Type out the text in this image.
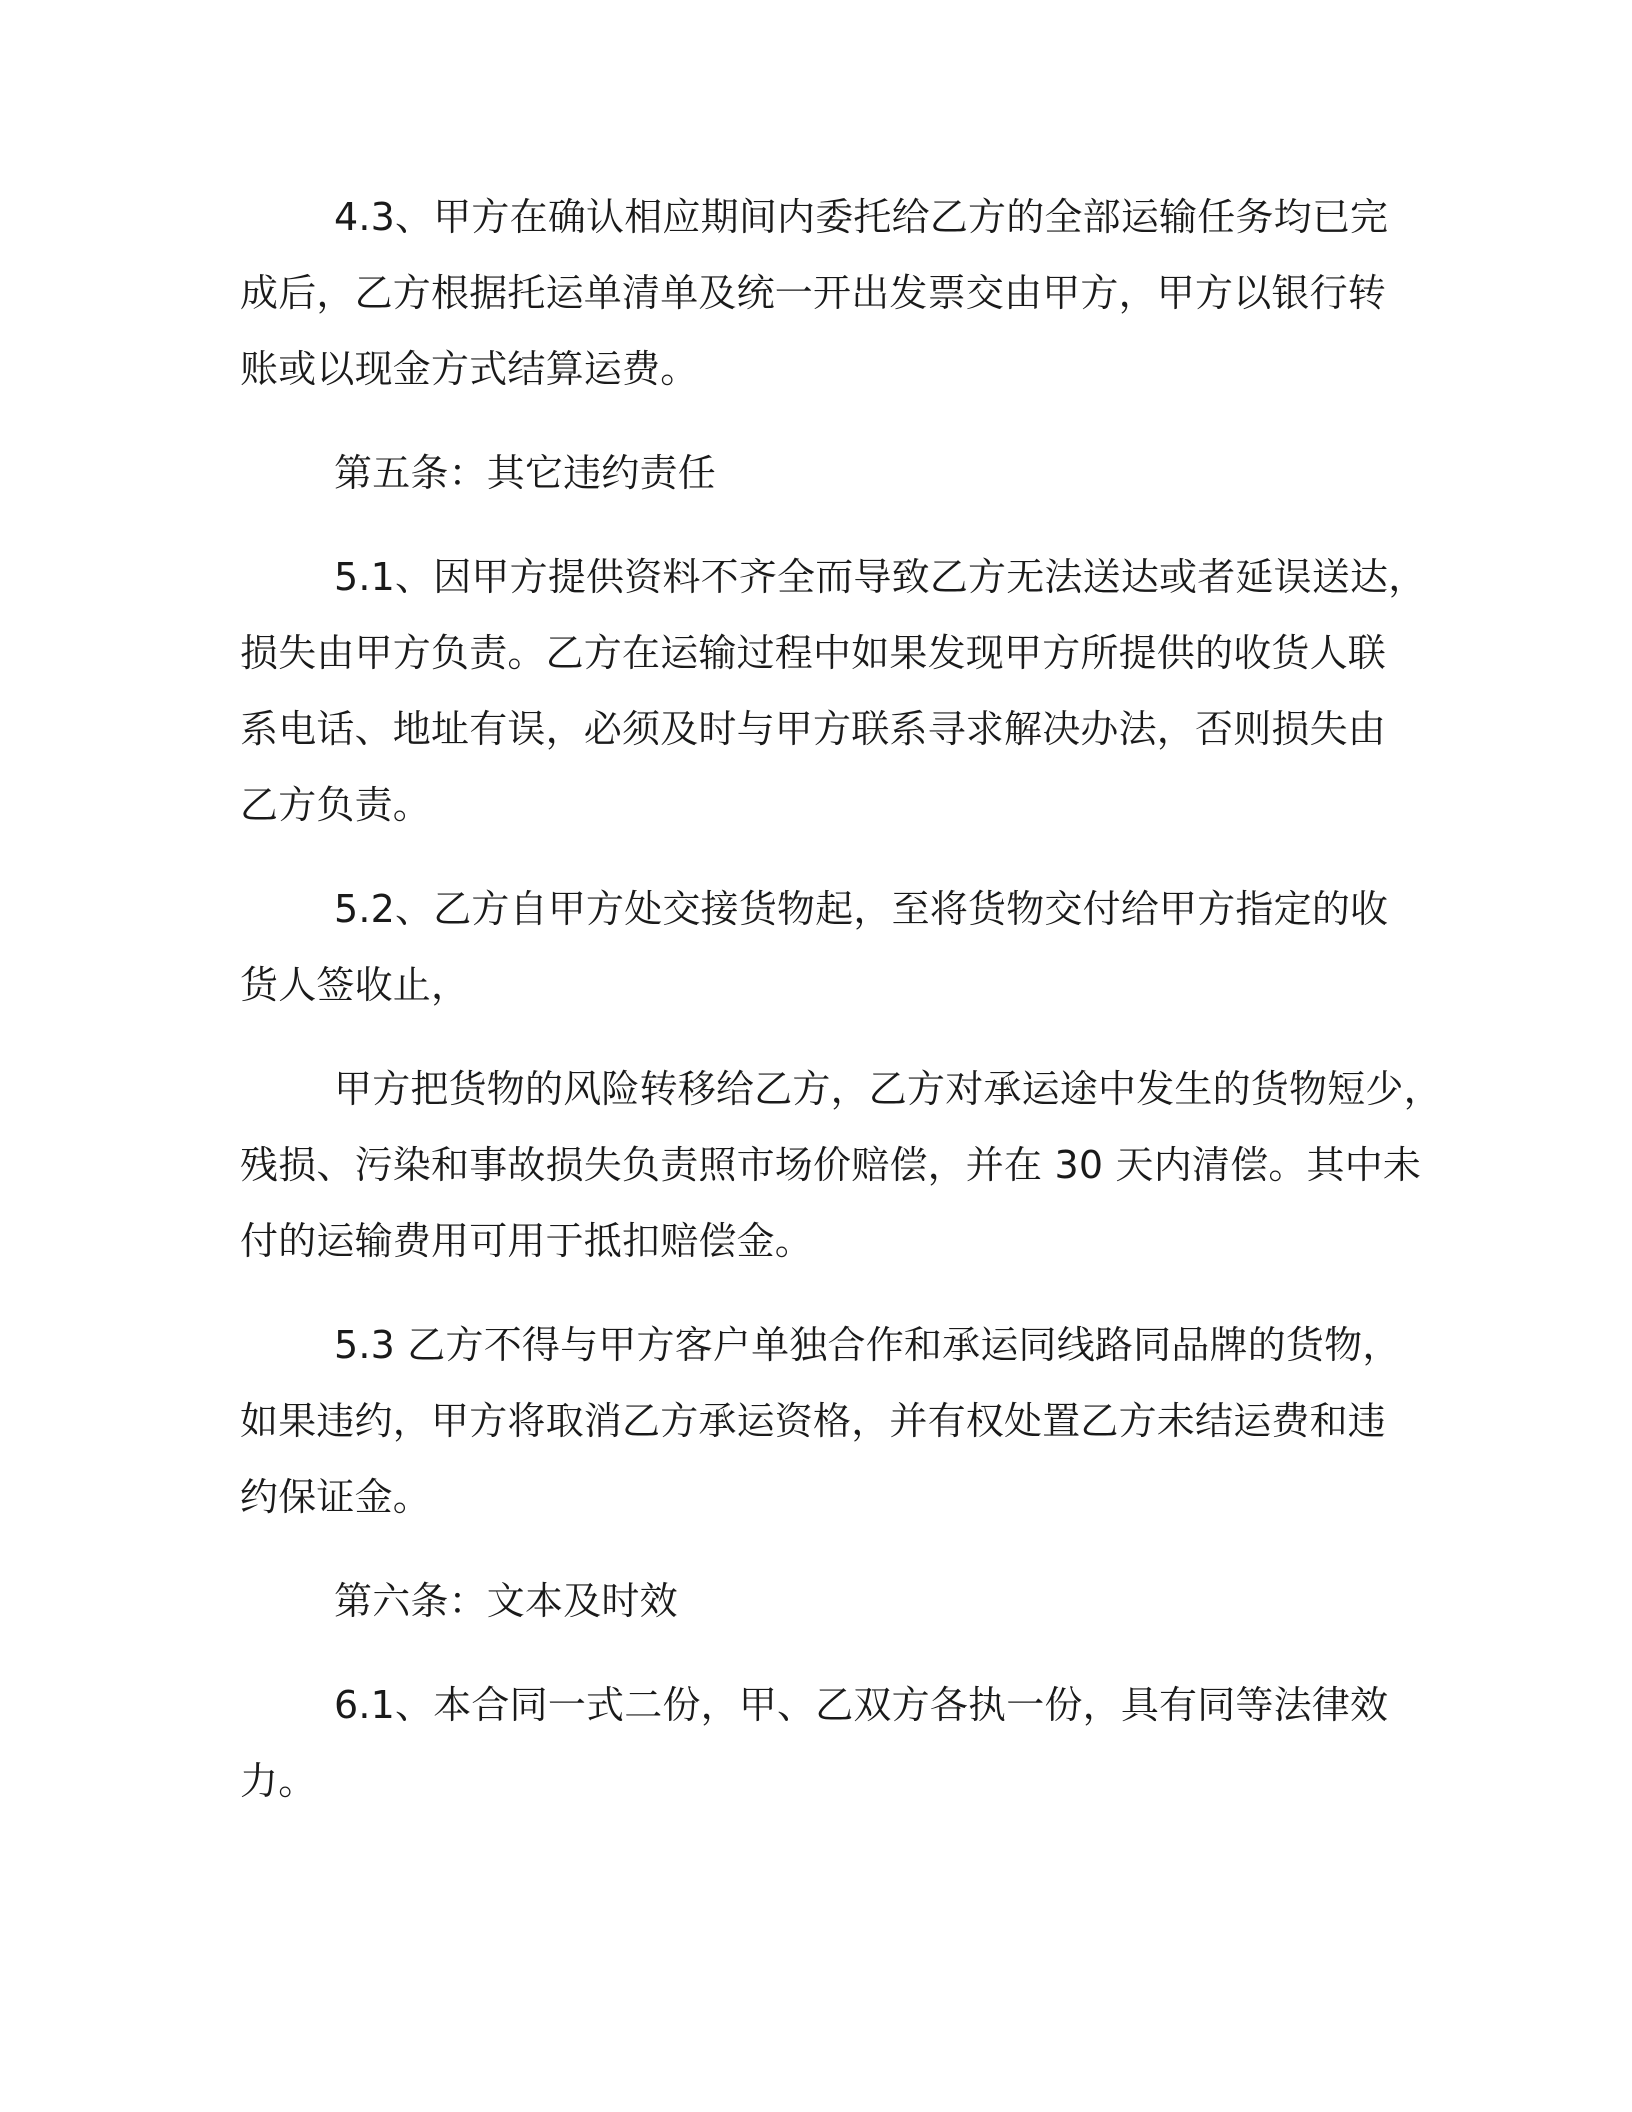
4.3、甲方在确认相应期间内委托给乙方的全部运输任务均已完

成后，乙方根据托运单清单及统一开出发票交由甲方，甲方以银行转

账或以现金方式结算运费。

第五条：其它违约责任

5.1、因甲方提供资料不齐全而导致乙方无法送达或者延误送达，

损失由甲方负责。乙方在运输过程中如果发现甲方所提供的收货人联

系电话、地址有误，必须及时与甲方联系寻求解决办法，否则损失由

乙方负责。

5.2、乙方自甲方处交接货物起，至将货物交付给甲方指定的收

货人签收止，

甲方把货物的风险转移给乙方，乙方对承运途中发生的货物短少，

残损、污染和事故损失负责照市场价赔偿，并在 30 天内清偿。其中未

付的运输费用可用于抵扣赔偿金。

5.3 乙方不得与甲方客户单独合作和承运同线路同品牌的货物，

如果违约，甲方将取消乙方承运资格，并有权处置乙方未结运费和违

约保证金。

第六条：文本及时效

6.1、本合同一式二份，甲、乙双方各执一份，具有同等法律效

力。
